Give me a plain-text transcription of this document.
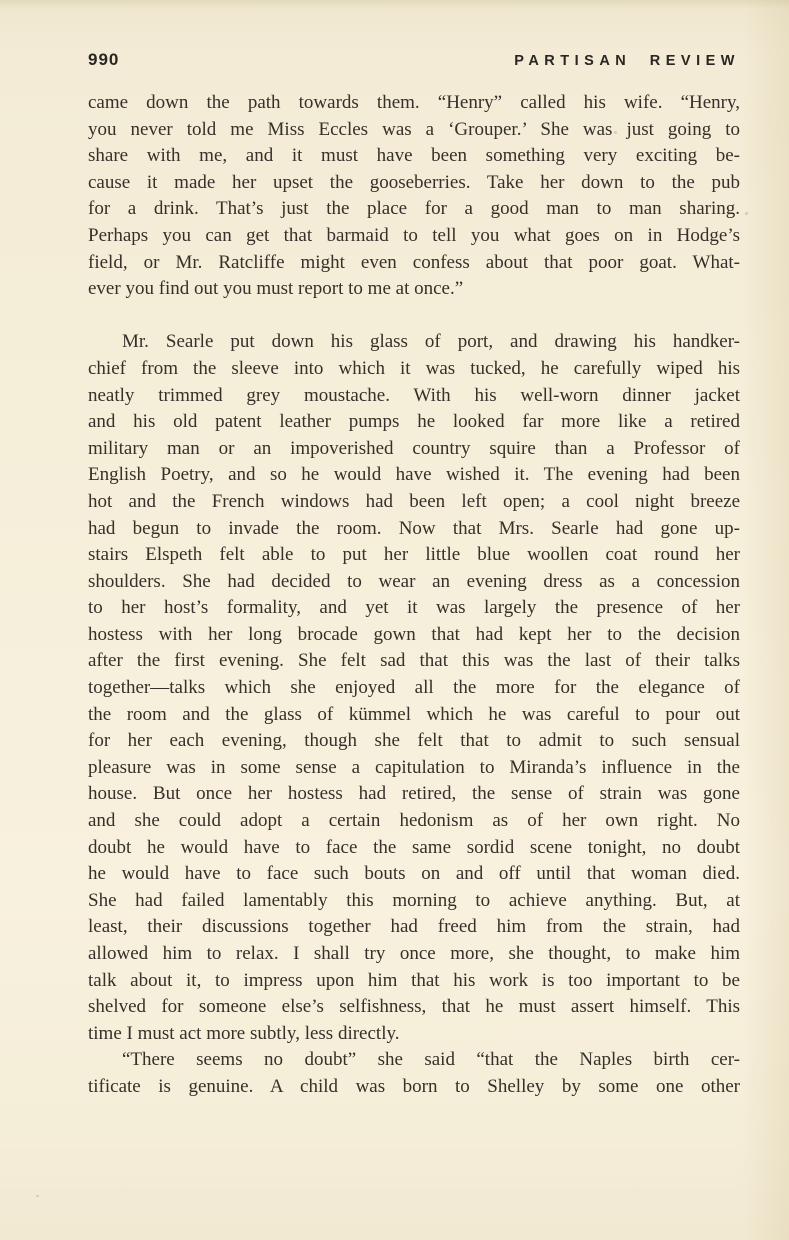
990	PARTISAN REVIEW
came down the path towards them. “Henry” called his wife. “Henry,
you never told me Miss Eccles was a ‘Grouper.’ She was just going to
share with me, and it must have been something very exciting be-
cause it made her upset the gooseberries. Take her down to the pub
for a drink. That’s just the place for a good man to man sharing.
Perhaps you can get that barmaid to tell you what goes on in Hodge’s
field, or Mr. Ratcliffe might even confess about that poor goat. What-
ever you find out you must report to me at once.”
Mr. Searle put down his glass of port, and drawing his handker-
chief from the sleeve into which it was tucked, he carefully wiped his
neatly trimmed grey moustache. With his well-worn dinner jacket
and his old patent leather pumps he looked far more like a retired
military man or an impoverished country squire than a Professor of
English Poetry, and so he would have wished it. The evening had been
hot and the French windows had been left open; a cool night breeze
had begun to invade the room. Now that Mrs. Searle had gone up-
stairs Elspeth felt able to put her little blue woollen coat round her
shoulders. She had decided to wear an evening dress as a concession
to her host’s formality, and yet it was largely the presence of her
hostess with her long brocade gown that had kept her to the decision
after the first evening. She felt sad that this was the last of their talks
together—talks which she enjoyed all the more for the elegance of
the room and the glass of kümmel which he was careful to pour out
for her each evening, though she felt that to admit to such sensual
pleasure was in some sense a capitulation to Miranda’s influence in the
house. But once her hostess had retired, the sense of strain was gone
and she could adopt a certain hedonism as of her own right. No
doubt he would have to face the same sordid scene tonight, no doubt
he would have to face such bouts on and off until that woman died.
She had failed lamentably this morning to achieve anything. But, at
least, their discussions together had freed him from the strain, had
allowed him to relax. I shall try once more, she thought, to make him
talk about it, to impress upon him that his work is too important to be
shelved for someone else’s selfishness, that he must assert himself. This
time I must act more subtly, less directly.
“There seems no doubt” she said “that the Naples birth cer-
tificate is genuine. A child was born to Shelley by some one other
